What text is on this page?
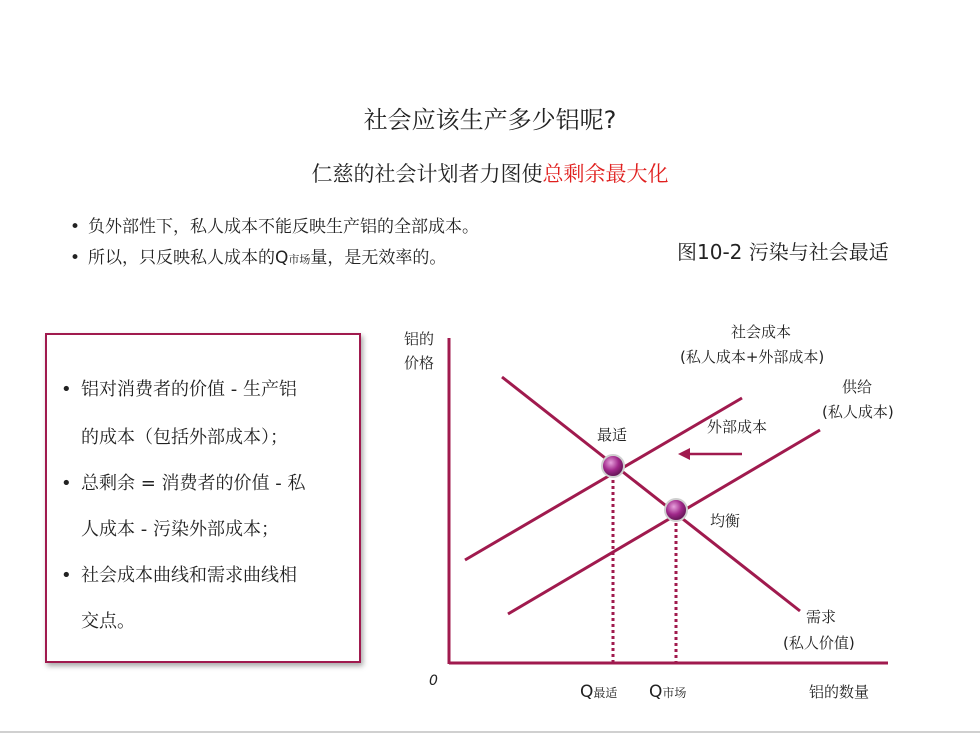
社会应该生产多少铝呢?
仁慈的社会计划者力图使总剩余最大化
• 负外部性下，私人成本不能反映生产铝的全部成本。
• 所以，只反映私人成本的Q市场量，是无效率的。	图10-2 污染与社会最适
• 铝对消费者的价值 - 生产铝
的成本（包括外部成本）；
• 总剩余 = 消费者的价值 - 私
人成本 - 污染外部成本；
• 社会成本曲线和需求曲线相
交点。
铝的
价格
0
铝的数量
社会成本
(私人成本+外部成本)
供给
(私人成本)
需求
(私人价值)
最适
均衡
外部成本
Q最适 Q市场
